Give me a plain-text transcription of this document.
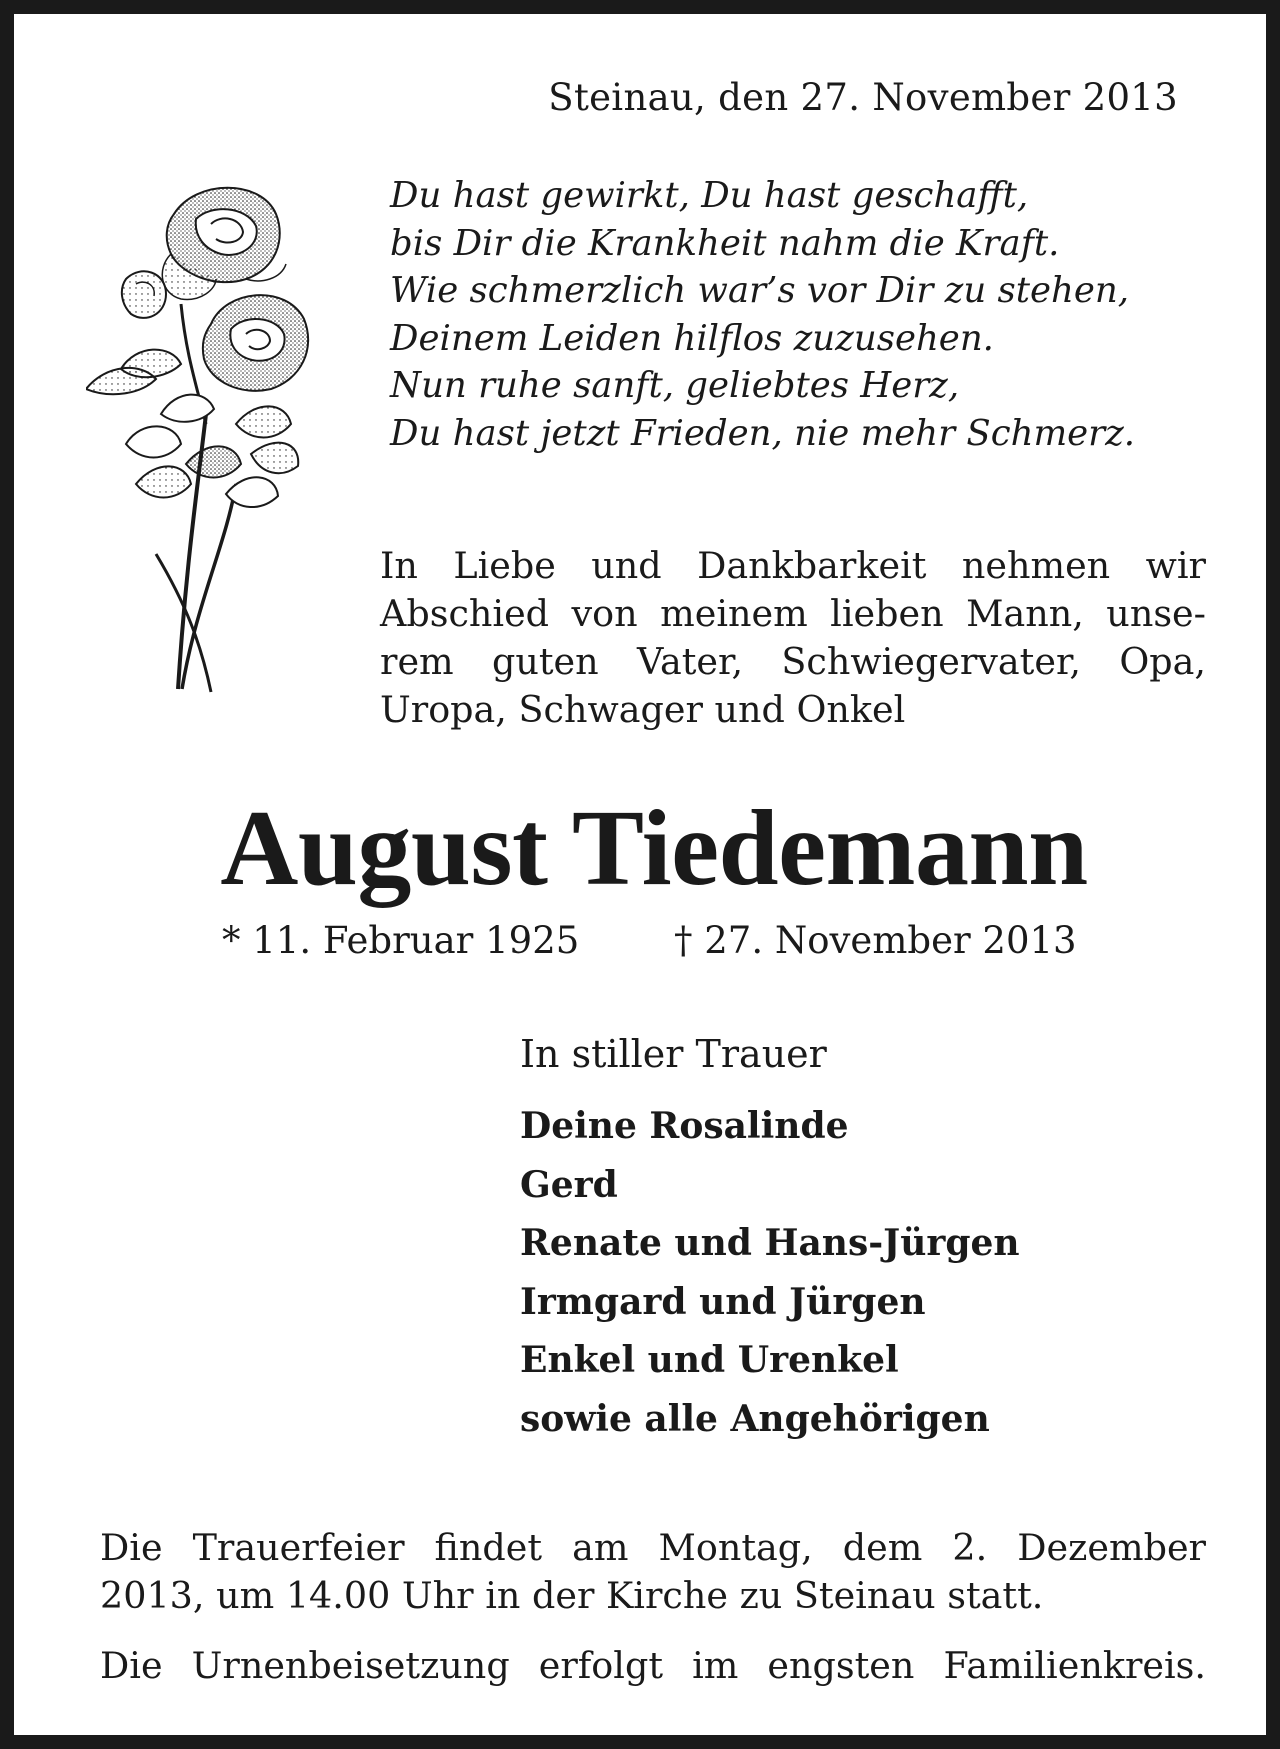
Steinau, den 27. November 2013
Du hast gewirkt, Du hast geschafft,
bis Dir die Krankheit nahm die Kraft.
Wie schmerzlich war’s vor Dir zu stehen,
Deinem Leiden hilflos zuzusehen.
Nun ruhe sanft, geliebtes Herz,
Du hast jetzt Frieden, nie mehr Schmerz.
In Liebe und Dankbarkeit nehmen wir
Abschied von meinem lieben Mann, unse-
rem guten Vater, Schwiegervater, Opa,
Uropa, Schwager und Onkel
August Tiedemann
* 11. Februar 1925	† 27. November 2013
In stiller Trauer
Deine Rosalinde
Gerd
Renate und Hans-Jürgen
Irmgard und Jürgen
Enkel und Urenkel
sowie alle Angehörigen
Die Trauerfeier findet am Montag, dem 2. Dezember
2013, um 14.00 Uhr in der Kirche zu Steinau statt.
Die Urnenbeisetzung erfolgt im engsten Familienkreis.
